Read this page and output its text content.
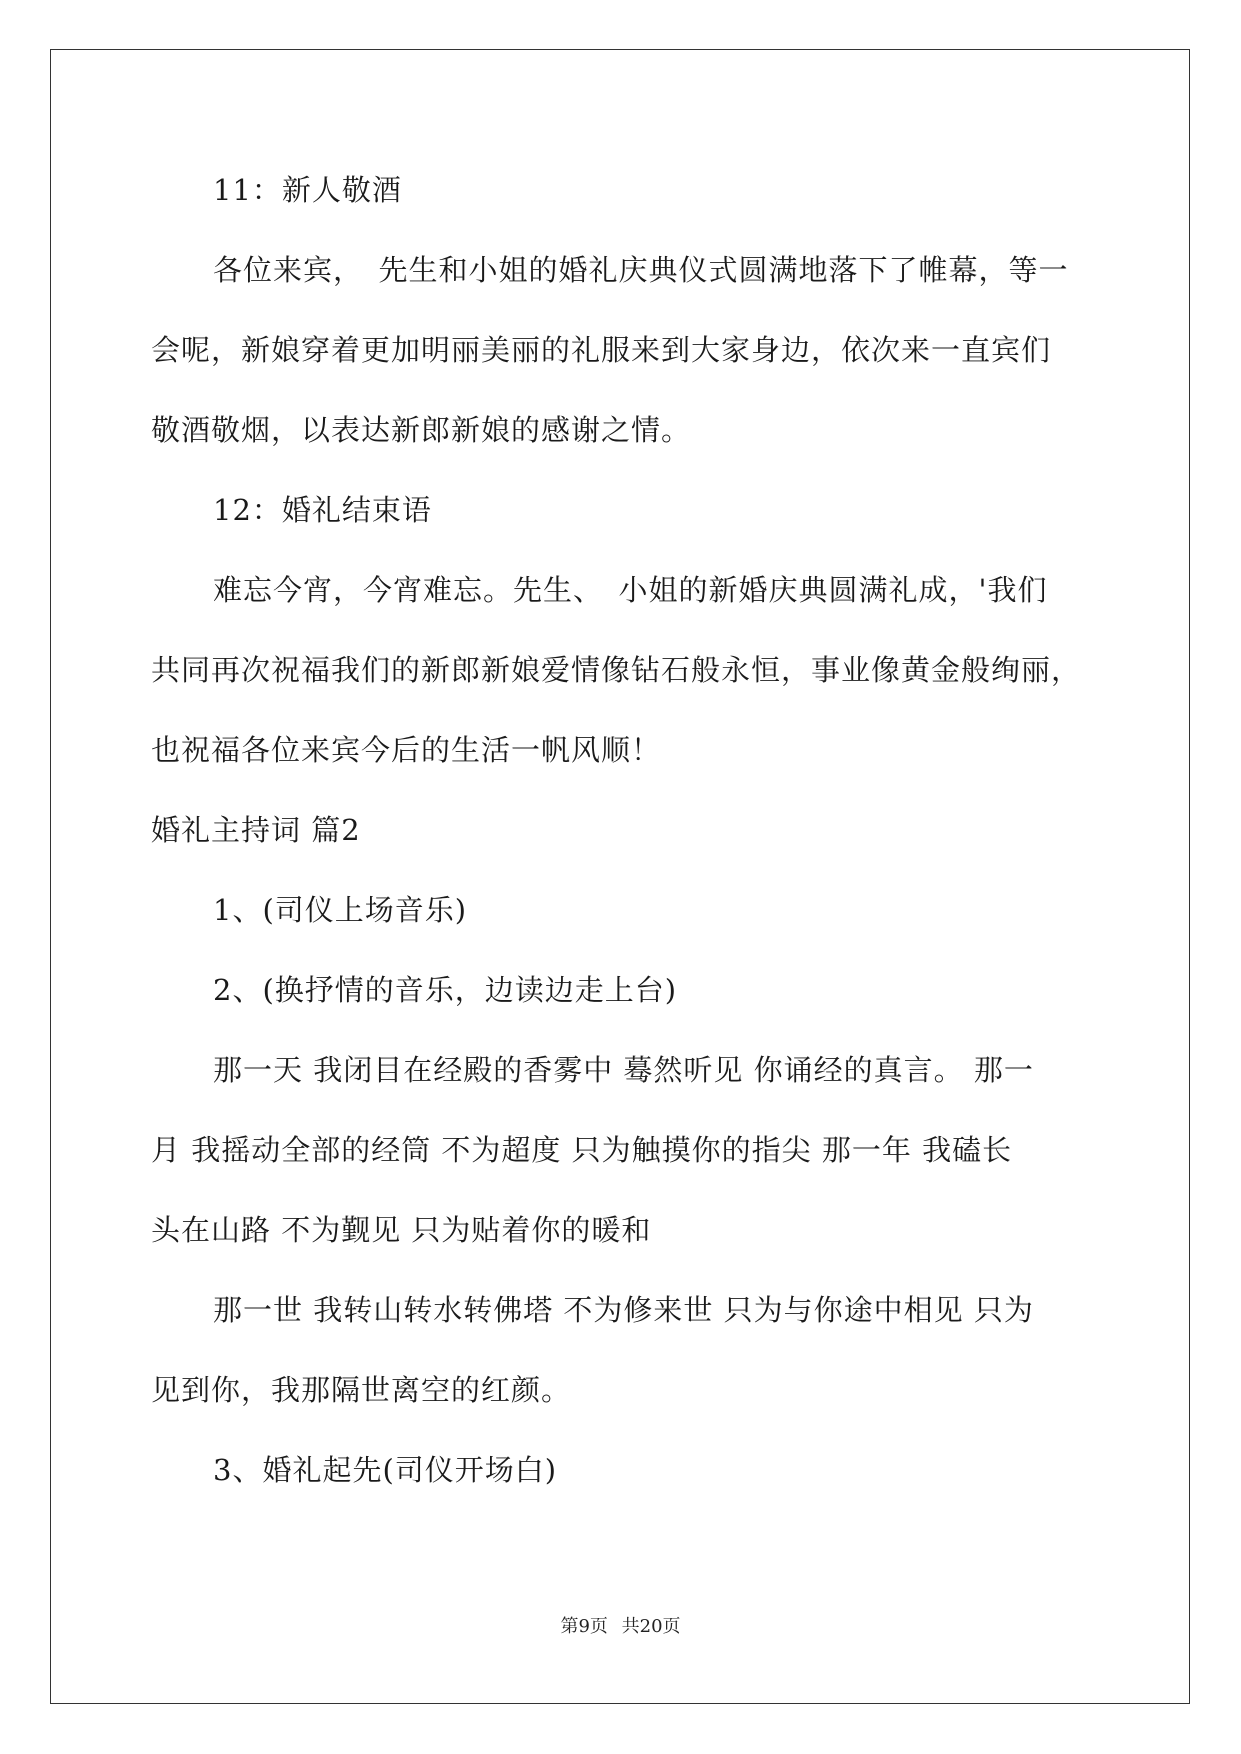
11：新人敬酒
各位来宾，　先生和小姐的婚礼庆典仪式圆满地落下了帷幕，等一
会呢，新娘穿着更加明丽美丽的礼服来到大家身边，依次来一直宾们
敬酒敬烟，以表达新郎新娘的感谢之情。
12：婚礼结束语
难忘今宵，今宵难忘。先生、　小姐的新婚庆典圆满礼成，'我们
共同再次祝福我们的新郎新娘爱情像钻石般永恒，事业像黄金般绚丽，
也祝福各位来宾今后的生活一帆风顺！
婚礼主持词 篇2
1、(司仪上场音乐)
2、(换抒情的音乐，边读边走上台)
那一天 我闭目在经殿的香雾中 蓦然听见 你诵经的真言。 那一
月 我摇动全部的经筒 不为超度 只为触摸你的指尖 那一年 我磕长
头在山路 不为觐见 只为贴着你的暖和
那一世 我转山转水转佛塔 不为修来世 只为与你途中相见 只为
见到你，我那隔世离空的红颜。
3、婚礼起先(司仪开场白)
第9页 共20页
